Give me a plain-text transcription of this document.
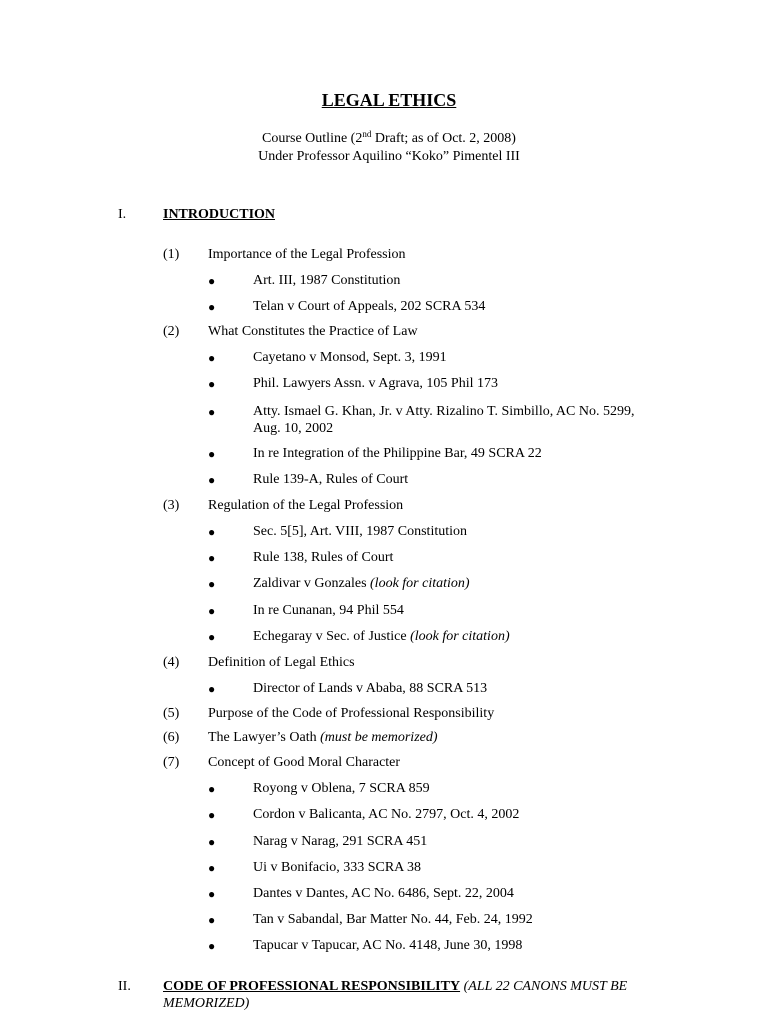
LEGAL ETHICS
Course Outline (2nd Draft; as of Oct. 2, 2008)
Under Professor Aquilino “Koko” Pimentel III
I.	INTRODUCTION
(1) Importance of the Legal Profession
●	Art. III, 1987 Constitution
●	Telan v Court of Appeals, 202 SCRA 534
(2) What Constitutes the Practice of Law
●	Cayetano v Monsod, Sept. 3, 1991
●	Phil. Lawyers Assn. v Agrava, 105 Phil 173
●	Atty. Ismael G. Khan, Jr. v Atty. Rizalino T. Simbillo, AC No. 5299, Aug. 10, 2002
●	In re Integration of the Philippine Bar, 49 SCRA 22
●	Rule 139-A, Rules of Court
(3) Regulation of the Legal Profession
●	Sec. 5[5], Art. VIII, 1987 Constitution
●	Rule 138, Rules of Court
●	Zaldivar v Gonzales (look for citation)
●	In re Cunanan, 94 Phil 554
●	Echegaray v Sec. of Justice (look for citation)
(4) Definition of Legal Ethics
●	Director of Lands v Ababa, 88 SCRA 513
(5) Purpose of the Code of Professional Responsibility
(6) The Lawyer’s Oath (must be memorized)
(7) Concept of Good Moral Character
●	Royong v Oblena, 7 SCRA 859
●	Cordon v Balicanta, AC No. 2797, Oct. 4, 2002
●	Narag v Narag, 291 SCRA 451
●	Ui v Bonifacio, 333 SCRA 38
●	Dantes v Dantes, AC No. 6486, Sept. 22, 2004
●	Tan v Sabandal, Bar Matter No. 44, Feb. 24, 1992
●	Tapucar v Tapucar, AC No. 4148, June 30, 1998
II. CODE OF PROFESSIONAL RESPONSIBILITY (ALL 22 CANONS MUST BE MEMORIZED)
